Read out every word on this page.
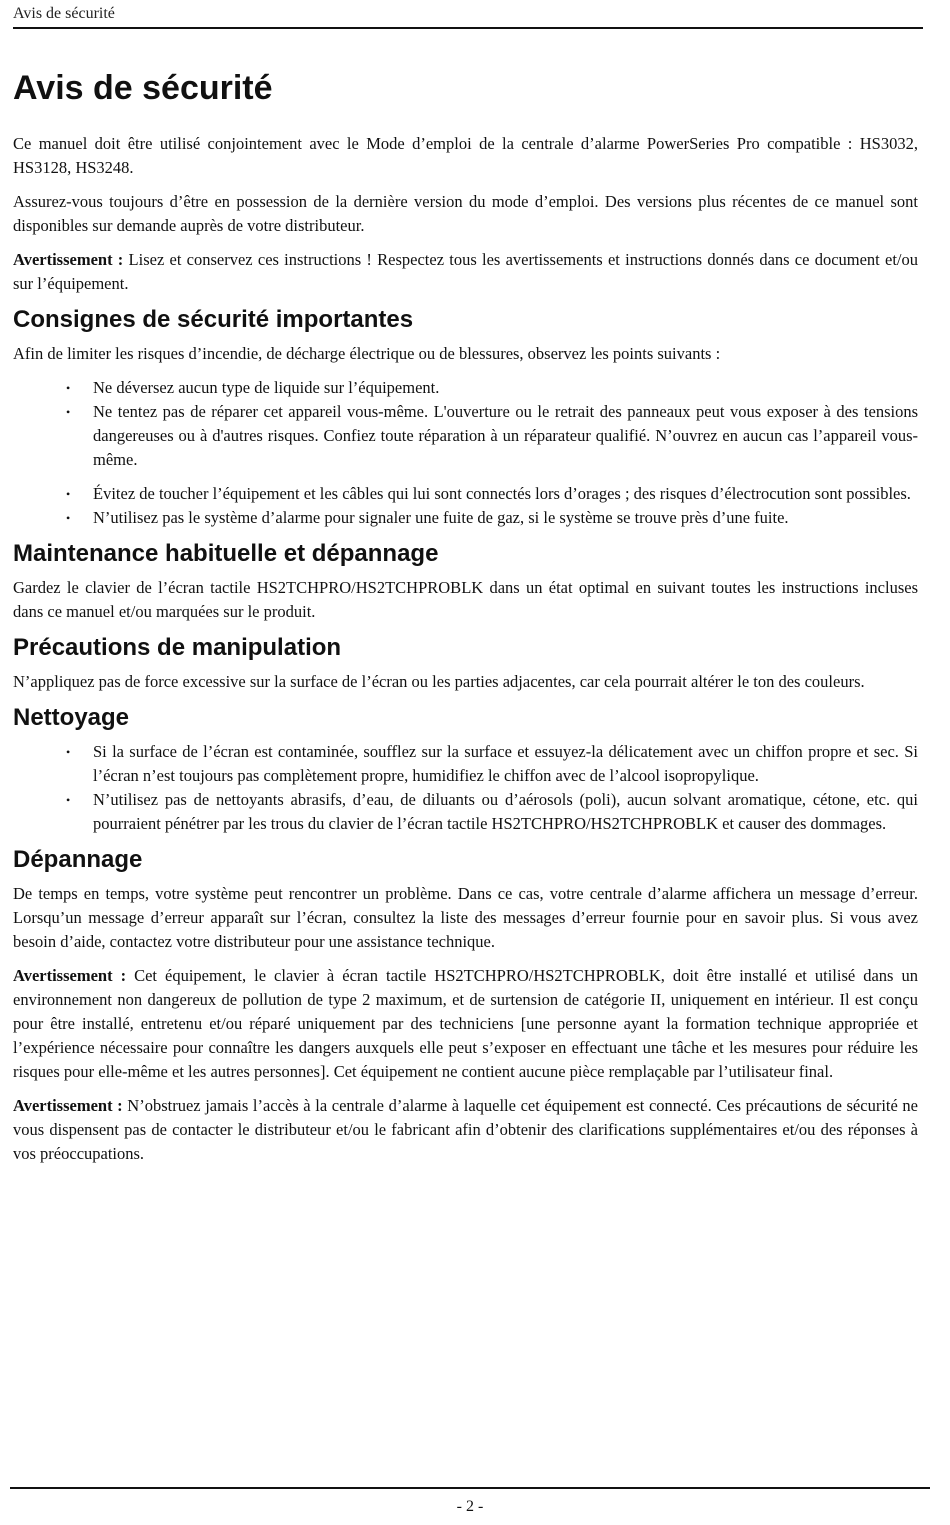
Avis de sécurité
Avis de sécurité

Ce manuel doit être utilisé conjointement avec le Mode d’emploi de la centrale d’alarme PowerSeries Pro compatible : HS3032, HS3128, HS3248.

Assurez-vous toujours d’être en possession de la dernière version du mode d’emploi. Des versions plus récentes de ce manuel sont disponibles sur demande auprès de votre distributeur.

Avertissement : Lisez et conservez ces instructions ! Respectez tous les avertissements et instructions donnés dans ce document et/ou sur l’équipement.

Consignes de sécurité importantes

Afin de limiter les risques d’incendie, de décharge électrique ou de blessures, observez les points suivants :

• Ne déversez aucun type de liquide sur l’équipement.
• Ne tentez pas de réparer cet appareil vous-même. L'ouverture ou le retrait des panneaux peut vous exposer à des tensions dangereuses ou à d'autres risques. Confiez toute réparation à un réparateur qualifié. N’ouvrez en aucun cas l’appareil vous-même.
• Évitez de toucher l’équipement et les câbles qui lui sont connectés lors d’orages ; des risques d’électrocution sont possibles.
• N’utilisez pas le système d’alarme pour signaler une fuite de gaz, si le système se trouve près d’une fuite.
Maintenance habituelle et dépannage

Gardez le clavier de l’écran tactile HS2TCHPRO/HS2TCHPROBLK dans un état optimal en suivant toutes les instructions incluses dans ce manuel et/ou marquées sur le produit.

Précautions de manipulation

N’appliquez pas de force excessive sur la surface de l’écran ou les parties adjacentes, car cela pourrait altérer le ton des couleurs.

Nettoyage
• Si la surface de l’écran est contaminée, soufflez sur la surface et essuyez-la délicatement avec un chiffon propre et sec. Si l’écran n’est toujours pas complètement propre, humidifiez le chiffon avec de l’alcool isopropylique.
• N’utilisez pas de nettoyants abrasifs, d’eau, de diluants ou d’aérosols (poli), aucun solvant aromatique, cétone, etc. qui pourraient pénétrer par les trous du clavier de l’écran tactile HS2TCHPRO/HS2TCHPROBLK et causer des dommages.
Dépannage

De temps en temps, votre système peut rencontrer un problème. Dans ce cas, votre centrale d’alarme affichera un message d’erreur. Lorsqu’un message d’erreur apparaît sur l’écran, consultez la liste des messages d’erreur fournie pour en savoir plus. Si vous avez besoin d’aide, contactez votre distributeur pour une assistance technique.

Avertissement : Cet équipement, le clavier à écran tactile HS2TCHPRO/HS2TCHPROBLK, doit être installé et utilisé dans un environnement non dangereux de pollution de type 2 maximum, et de surtension de catégorie II, uniquement en intérieur. Il est conçu pour être installé, entretenu et/ou réparé uniquement par des techniciens [une personne ayant la formation technique appropriée et l’expérience nécessaire pour connaître les dangers auxquels elle peut s’exposer en effectuant une tâche et les mesures pour réduire les risques pour elle-même et les autres personnes]. Cet équipement ne contient aucune pièce remplaçable par l’utilisateur final.

Avertissement : N’obstruez jamais l’accès à la centrale d’alarme à laquelle cet équipement est connecté. Ces précautions de sécurité ne vous dispensent pas de contacter le distributeur et/ou le fabricant afin d’obtenir des clarifications supplémentaires et/ou des réponses à vos préoccupations.

- 2 -
